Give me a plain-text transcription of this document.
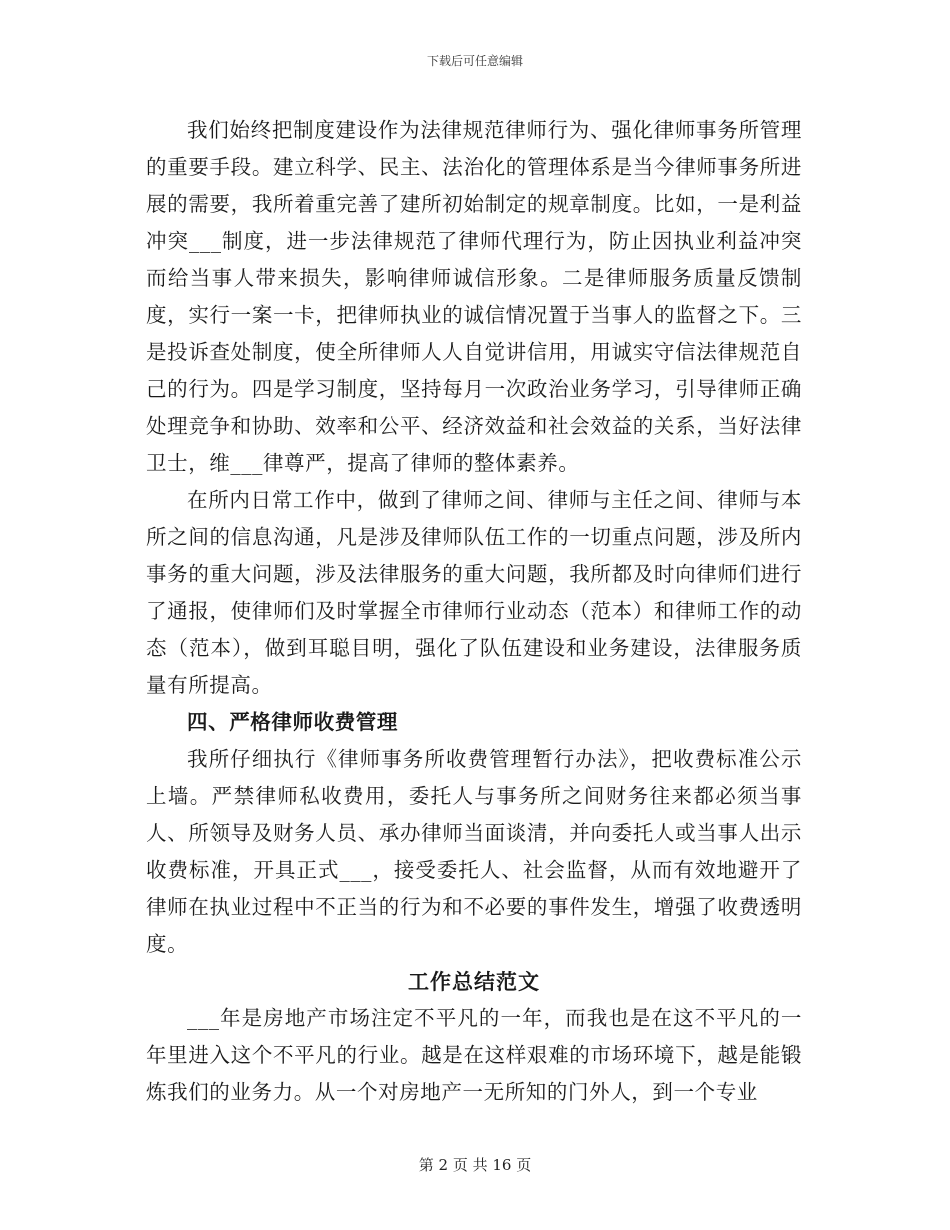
下载后可任意编辑

我们始终把制度建设作为法律规范律师行为、强化律师事务所管理的重要手段。建立科学、民主、法治化的管理体系是当今律师事务所进展的需要，我所着重完善了建所初始制定的规章制度。比如，一是利益冲突___制度，进一步法律规范了律师代理行为，防止因执业利益冲突而给当事人带来损失，影响律师诚信形象。二是律师服务质量反馈制度，实行一案一卡，把律师执业的诚信情况置于当事人的监督之下。三是投诉查处制度，使全所律师人人自觉讲信用，用诚实守信法律规范自己的行为。四是学习制度，坚持每月一次政治业务学习，引导律师正确处理竞争和协助、效率和公平、经济效益和社会效益的关系，当好法律卫士，维___律尊严，提高了律师的整体素养。

在所内日常工作中，做到了律师之间、律师与主任之间、律师与本所之间的信息沟通，凡是涉及律师队伍工作的一切重点问题，涉及所内事务的重大问题，涉及法律服务的重大问题，我所都及时向律师们进行了通报，使律师们及时掌握全市律师行业动态（范本）和律师工作的动态（范本），做到耳聪目明，强化了队伍建设和业务建设，法律服务质量有所提高。

四、严格律师收费管理

我所仔细执行《律师事务所收费管理暂行办法》，把收费标准公示上墙。严禁律师私收费用，委托人与事务所之间财务往来都必须当事人、所领导及财务人员、承办律师当面谈清，并向委托人或当事人出示收费标准，开具正式___，接受委托人、社会监督，从而有效地避开了律师在执业过程中不正当的行为和不必要的事件发生，增强了收费透明度。

工作总结范文

___年是房地产市场注定不平凡的一年，而我也是在这不平凡的一年里进入这个不平凡的行业。越是在这样艰难的市场环境下，越是能锻炼我们的业务力。从一个对房地产一无所知的门外人，到一个专业

第 2 页 共 16 页
